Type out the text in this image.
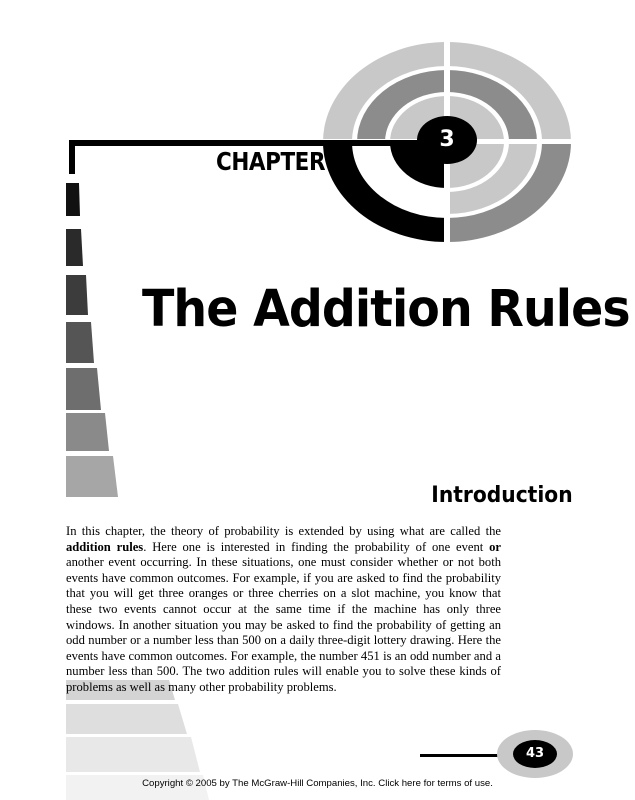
CHAPTER
3
The Addition Rules
Introduction

In this chapter, the theory of probability is extended by using what are called the addition rules. Here one is interested in finding the probability of one event or another event occurring. In these situations, one must consider whether or not both events have common outcomes. For example, if you are asked to find the probability that you will get three oranges or three cherries on a slot machine, you know that these two events cannot occur at the same time if the machine has only three windows. In another situation you may be asked to find the probability of getting an odd number or a number less than 500 on a daily three-digit lottery drawing. Here the events have common outcomes. For example, the number 451 is an odd number and a number less than 500. The two addition rules will enable you to solve these kinds of problems as well as many other probability problems.

43
Copyright © 2005 by The McGraw-Hill Companies, Inc. Click here for terms of use.
